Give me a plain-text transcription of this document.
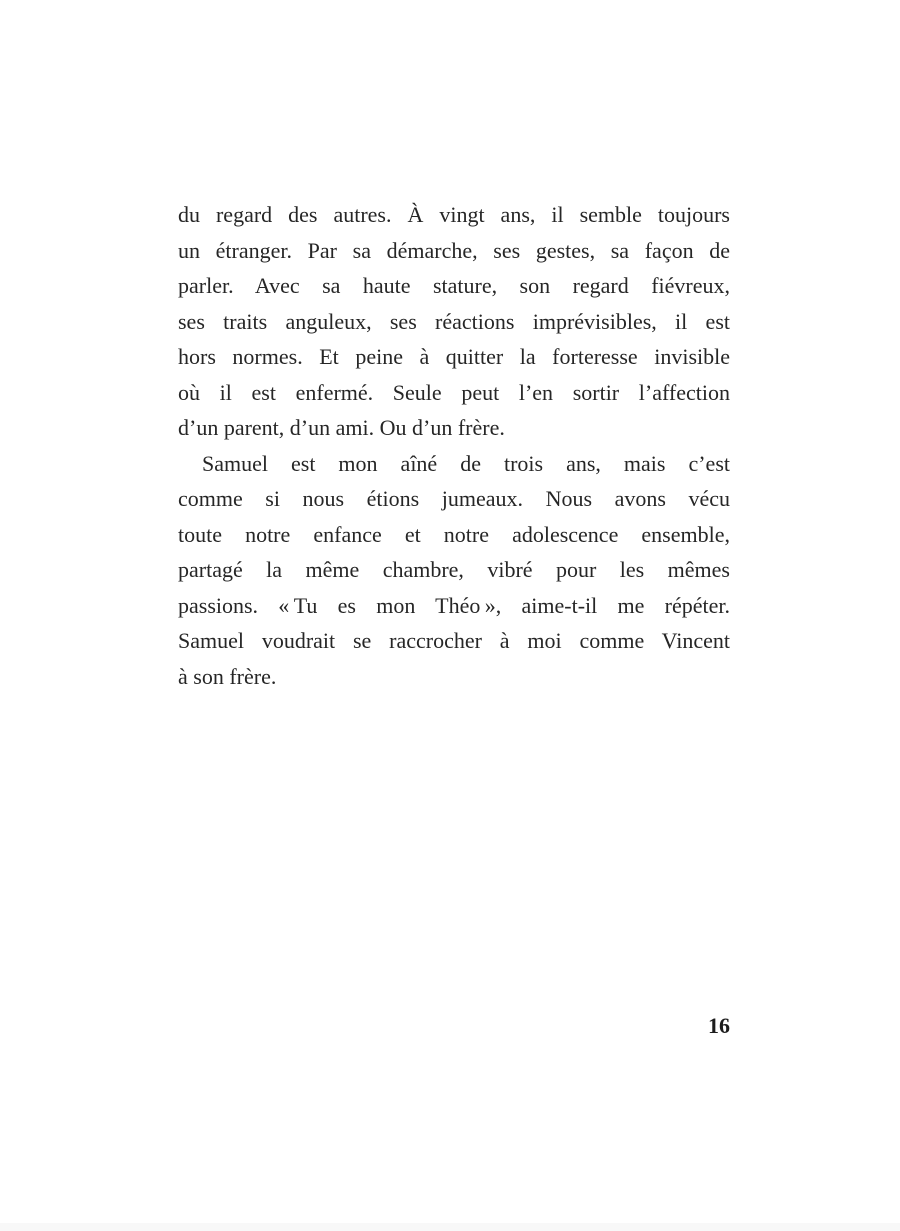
du regard des autres. À vingt ans, il semble toujours
un étranger. Par sa démarche, ses gestes, sa façon de
parler. Avec sa haute stature, son regard fiévreux,
ses traits anguleux, ses réactions imprévisibles, il est
hors normes. Et peine à quitter la forteresse invisible
où il est enfermé. Seule peut l’en sortir l’affection
d’un parent, d’un ami. Ou d’un frère.
Samuel est mon aîné de trois ans, mais c’est
comme si nous étions jumeaux. Nous avons vécu
toute notre enfance et notre adolescence ensemble,
partagé la même chambre, vibré pour les mêmes
passions. « Tu es mon Théo », aime-t-il me répéter.
Samuel voudrait se raccrocher à moi comme Vincent
à son frère.
16
